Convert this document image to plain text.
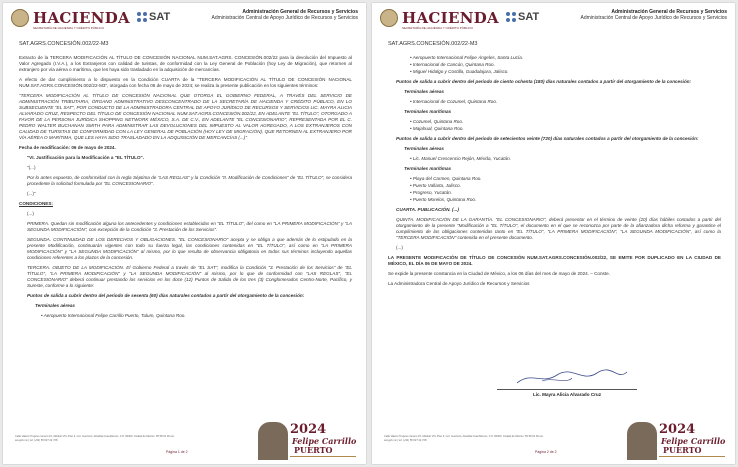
HACIENDA
SECRETARÍA DE HACIENDA Y CRÉDITO PÚBLICO
SAT	Administración General de Recursos y Servicios
Administración Central de Apoyo Jurídico de Recursos y Servicios
SAT.AGRS.CONCESIÓN.002/22-M3

Extracto de la TERCERA MODIFICACIÓN AL TÍTULO DE CONCESIÓN NACIONAL NUM.SAT.AGRS. CONCESIÓN.002/22 para la devolución del Impuesto al Valor Agregado (I.V.A.), a los Extranjeros con calidad de turistas, de conformidad con la Ley General de Población (hoy Ley de Migración), que retornen al extranjero por vía aérea o marítima, que les haya sido trasladado en la adquisición de mercancías.

A efecto de dar cumplimiento a lo dispuesto en la Condición CUARTA de la "TERCERA MODIFICACIÓN AL TÍTULO DE CONCESIÓN NACIONAL NUM.SAT.AGRS.CONCESIÓN.002/22-M3", otorgada con fecha 06 de mayo de 2024; se realiza la presente publicación en los siguientes términos:

"TERCERA MODIFICACIÓN AL TÍTULO DE CONCESIÓN NACIONAL QUE OTORGA EL GOBIERNO FEDERAL, A TRAVÉS DEL SERVICIO DE ADMINISTRACIÓN TRIBUTARIA, ÓRGANO ADMINISTRATIVO DESCONCENTRADO DE LA SECRETARÍA DE HACIENDA Y CRÉDITO PÚBLICO, EN LO SUBSECUENTE "EL SAT", POR CONDUCTO DE LA ADMINISTRADORA CENTRAL DE APOYO JURÍDICO DE RECURSOS Y SERVICIOS LIC. MAYRA ALICIA ALVARADO CRUZ, RESPECTO DEL TÍTULO DE CONCESIÓN NACIONAL NUM.SAT.AGRS.CONCESIÓN.002/22, EN ADELANTE "EL TÍTULO", OTORGADO A FAVOR DE LA PERSONA JURÍDICA SHOPPING NETWORK MÉXICO, S.A. DE C.V., EN ADELANTE "EL CONCESIONARIO", REPRESENTADA POR EL C. PEDRO WALTER BUCHANAN SMITH PARA ADMINISTRAR LAS DEVOLUCIONES DEL IMPUESTO AL VALOR AGREGADO, A LOS EXTRANJEROS CON CALIDAD DE TURISTAS DE CONFORMIDAD CON LA LEY GENERAL DE POBLACIÓN (HOY LEY DE MIGRACIÓN), QUE RETORNEN AL EXTRANJERO POR VÍA AÉREA O MARÍTIMA, QUE LES HAYA SIDO TRASLADADO EN LA ADQUISICIÓN DE MERCANCÍAS (...)"

Fecha de modificación: 06 de mayo de 2024.

"VI. Justificación para la Modificación a "EL TÍTULO".

"(...)

Por lo antes expuesto, de conformidad con la regla Séptima de "LAS REGLAS" y la Condición "II. Modificación de Condiciones" de "EL TÍTULO", se considera procedente la solicitud formulada por "EL CONCESIONARIO".

(...)"

CONDICIONES:

(...)

PRIMERA. Quedan sin modificación alguna los antecedentes y condiciones establecidas en "EL TÍTULO", del como en "LA PRIMERA MODIFICACIÓN" y "LA SEGUNDA MODIFICACIÓN", con excepción de la Condición "3. Prestación de los Servicios".

SEGUNDA. CONTINUIDAD DE LOS DERECHOS Y OBLIGACIONES. "EL CONCESIONARIO" acepta y se obliga a que además de lo estipulado en la presente Modificación, continuarán vigentes con todo su fuerza legal, las condiciones contenidas en "EL TÍTULO", así como en "LA PRIMERA MODIFICACIÓN" y "LA SEGUNDA MODIFICACIÓN" al mismo, por lo que resulta de observancia obligatoria en todos sus términos incluyendo aquellas condiciones referentes a los plazos de la concesión.

TERCERA. OBJETO DE LA MODIFICACIÓN. El Gobierno Federal a través de "EL SAT", modifica la Condición "3. Prestación de los Servicios" de "EL TÍTULO", "LA PRIMERA MODIFICACIÓN" y "LA SEGUNDA MODIFICACIÓN" al mismo, por lo que de conformidad con "LAS REGLAS", "EL CONCESIONARIO" deberá continuar prestando los servicios en los doce (12) Puntos de Salida de los tres (3) Conglomerados Centro-Norte, Pacífico, y Sureste, conforme a lo siguiente:

Puntos de salida a cubrir dentro del periodo de sesenta (60) días naturales contados a partir del otorgamiento de la concesión:

Terminales aéreas

• Aeropuerto Internacional Felipe Carrillo Puerto, Tulum, Quintana Roo.

Calle Valerio Trujano número 15, Módulo VIII, Piso 3, Col. Guerrero, Alcaldía Cuauhtémoc, C.P. 06300, Ciudad de México. 55 58 02 00 ext. sat.gob.mx | tel: (+52) 55 627 22 728
Página 1 de 2
2024
Felipe Carrillo
PUERTO
HACIENDA
SECRETARÍA DE HACIENDA Y CRÉDITO PÚBLICO
SAT	Administración General de Recursos y Servicios
Administración Central de Apoyo Jurídico de Recursos y Servicios
SAT.AGRS.CONCESIÓN.002/22-M3

• Aeropuerto Internacional Felipe Ángeles, Santa Lucía.

• Internacional de Cancún, Quintana Roo.

• Miguel Hidalgo y Costilla, Guadalajara, Jalisco.

Puntos de salida a cubrir dentro del periodo de ciento ochenta (180) días naturales contados a partir del otorgamiento de la concesión:

Terminales aéreas

• Internacional de Cozumel, Quintana Roo.

Terminales marítimas

• Cozumel, Quintana Roo.

• Majahual, Quintana Roo.

Puntos de salida a cubrir dentro del periodo de setecientos veinte (720) días naturales contados a partir del otorgamiento de la concesión:

Terminales aéreas

• Lic. Manuel Crescencio Rejón, Mérida, Yucatán.

Terminales marítimas

• Playa del Carmen, Quintana Roo.

• Puerto Vallarta, Jalisco.

• Progreso, Yucatán.

• Puerto Morelos, Quintana Roo.

CUARTA. PUBLICACIÓN. (...)

QUINTA. MODIFICACIÓN DE LA GARANTÍA. "EL CONCESIONARIO", deberá presentar en el término de veinte (20) días hábiles contados a partir del otorgamiento de la presente "Modificación a "EL TÍTULO", el documento en el que se reconozca por parte de la afianzadora dicha reforma y garantice el cumplimiento de las obligaciones contenidas tanto en "EL TÍTULO", "LA PRIMERA MODIFICACIÓN", "LA SEGUNDA MODIFICACIÓN", así como la "TERCERA MODIFICACIÓN" contenida en el presente documento.

(...)

LA PRESENTE MODIFICACIÓN DE TÍTULO DE CONCESIÓN NUM.SAT.AGRS.CONCESIÓN.002/22, SE EMITE POR DUPLICADO EN LA CIUDAD DE MÉXICO, EL DÍA 06 DE MAYO DE 2024.

Se expide la presente constancia en la Ciudad de México, a los 06 días del mes de mayo de 2024. – Conste.

La Administradora Central de Apoyo Jurídico de Recursos y Servicios

Lic. Mayra Alicia Alvarado Cruz
Calle Valerio Trujano número 15, Módulo VIII, Piso 3, Col. Guerrero, Alcaldía Cuauhtémoc, C.P. 06300, Ciudad de México. 55 58 02 00 ext. sat.gob.mx | tel: (+52) 55 627 22 728
Página 2 de 2
2024
Felipe Carrillo
PUERTO
